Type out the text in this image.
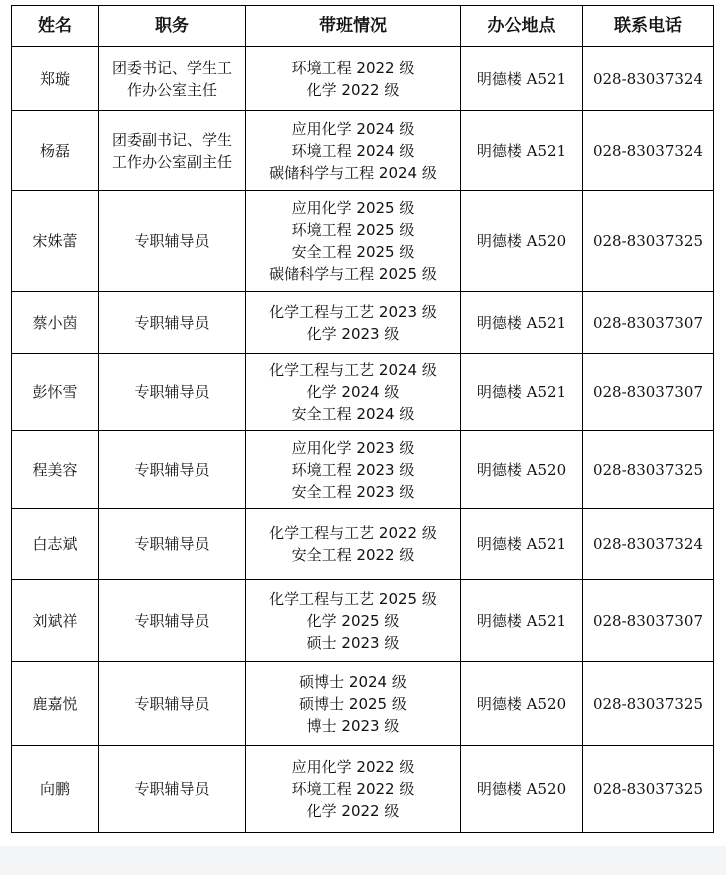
姓名	职务	带班情况	办公地点	联系电话
郑璇	团委书记、学生工作办公室主任	环境工程 2022 级
化学 2022 级	明德楼 A521	028-83037324
杨磊	团委副书记、学生工作办公室副主任	应用化学 2024 级
环境工程 2024 级
碳储科学与工程 2024 级	明德楼 A521	028-83037324
宋姝蕾	专职辅导员	应用化学 2025 级
环境工程 2025 级
安全工程 2025 级
碳储科学与工程 2025 级	明德楼 A520	028-83037325
蔡小茵	专职辅导员	化学工程与工艺 2023 级
化学 2023 级	明德楼 A521	028-83037307
彭怀雪	专职辅导员	化学工程与工艺 2024 级
化学 2024 级
安全工程 2024 级	明德楼 A521	028-83037307
程美容	专职辅导员	应用化学 2023 级
环境工程 2023 级
安全工程 2023 级	明德楼 A520	028-83037325
白志斌	专职辅导员	化学工程与工艺 2022 级
安全工程 2022 级	明德楼 A521	028-83037324
刘斌祥	专职辅导员	化学工程与工艺 2025 级
化学 2025 级
硕士 2023 级	明德楼 A521	028-83037307
鹿嘉悦	专职辅导员	硕博士 2024 级
硕博士 2025 级
博士 2023 级	明德楼 A520	028-83037325
向鹏	专职辅导员	应用化学 2022 级
环境工程 2022 级
化学 2022 级	明德楼 A520	028-83037325
